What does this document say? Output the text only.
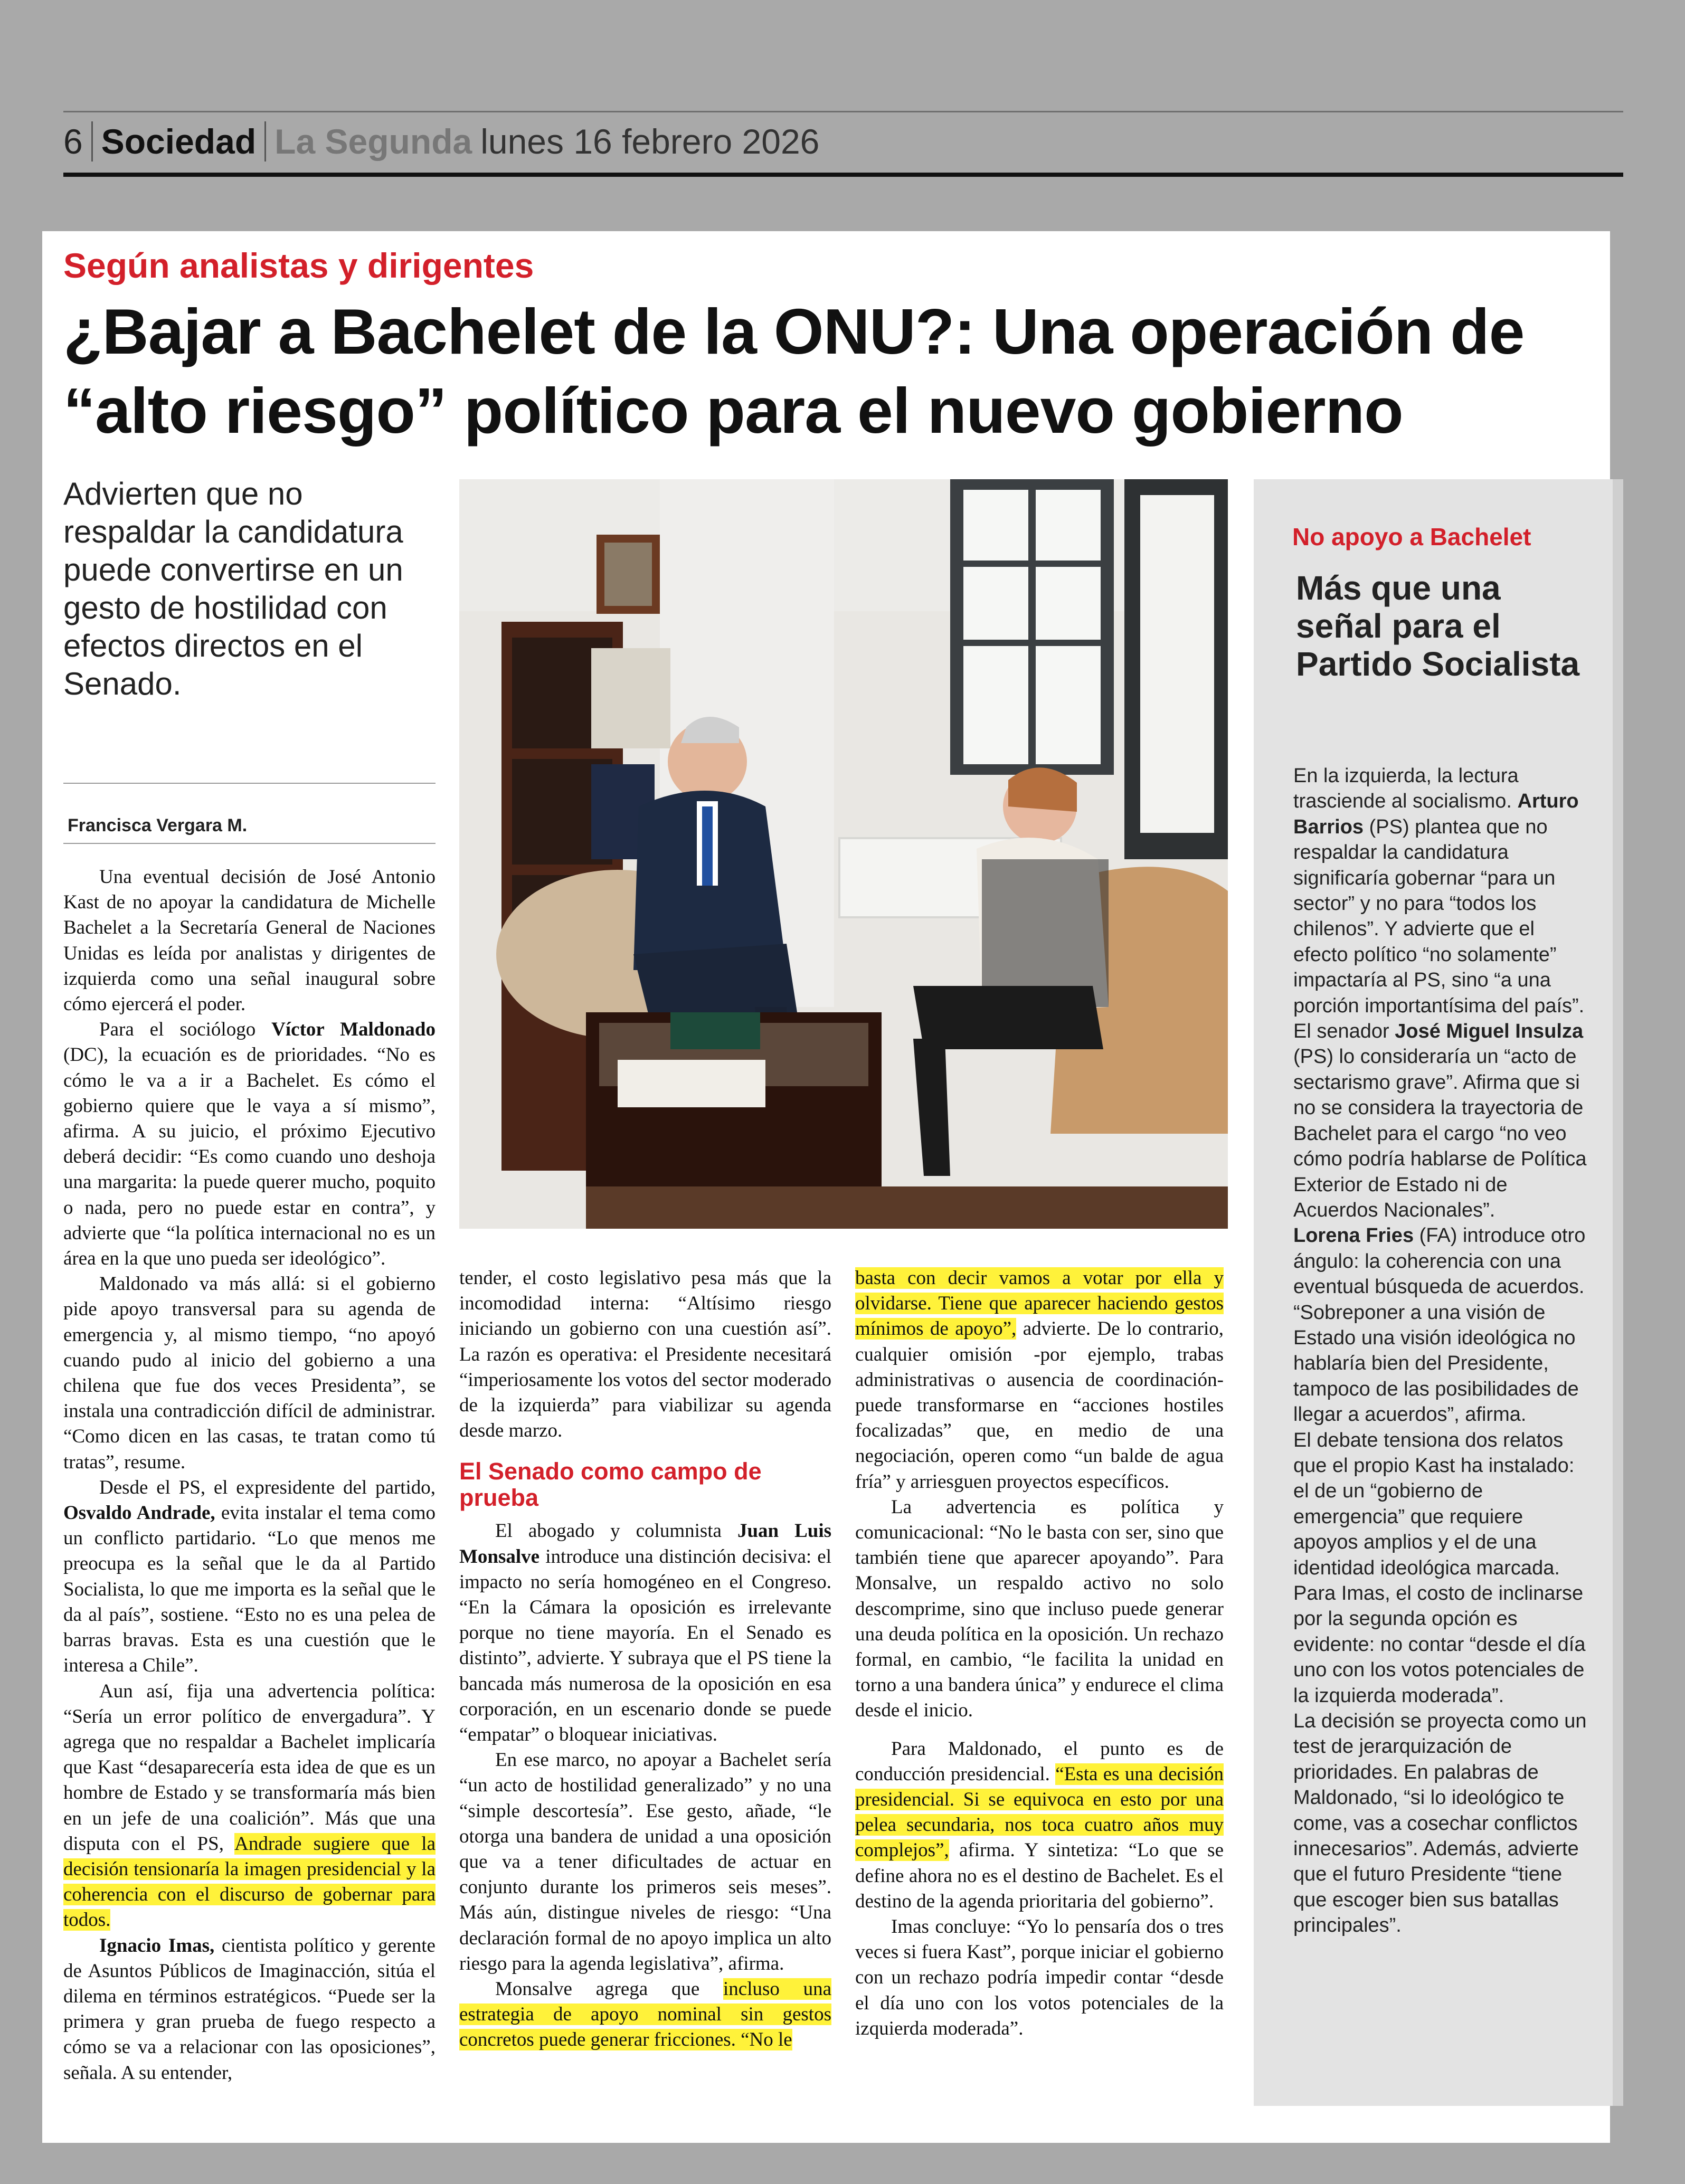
6 Sociedad La Segunda lunes 16 febrero 2026
Según analistas y dirigentes
¿Bajar a Bachelet de la ONU?: Una operación de “alto riesgo” político para el nuevo gobierno
Advierten que no respaldar la candidatura puede convertirse en un gesto de hostilidad con efectos directos en el Senado.
Francisca Vergara M.

Una eventual decisión de José Antonio Kast de no apoyar la candidatura de Michelle Bachelet a la Secretaría General de Naciones Unidas es leída por analistas y dirigentes de izquierda como una señal inaugural sobre cómo ejercerá el poder.

Para el sociólogo Víctor Maldonado (DC), la ecuación es de prioridades. “No es cómo le va a ir a Bachelet. Es cómo el gobierno quiere que le vaya a sí mismo”, afirma. A su juicio, el próximo Ejecutivo deberá decidir: “Es como cuando uno deshoja una margarita: la puede querer mucho, poquito o nada, pero no puede estar en contra”, y advierte que “la política internacional no es un área en la que uno pueda ser ideológico”.

Maldonado va más allá: si el gobierno pide apoyo transversal para su agenda de emergencia y, al mismo tiempo, “no apoyó cuando pudo al inicio del gobierno a una chilena que fue dos veces Presidenta”, se instala una contradicción difícil de administrar. “Como dicen en las casas, te tratan como tú tratas”, resume.

Desde el PS, el expresidente del partido, Osvaldo Andrade, evita instalar el tema como un conflicto partidario. “Lo que menos me preocupa es la señal que le da al Partido Socialista, lo que me importa es la señal que le da al país”, sostiene. “Esto no es una pelea de barras bravas. Esta es una cuestión que le interesa a Chile”.

Aun así, fija una advertencia política: “Sería un error político de envergadura”. Y agrega que no respaldar a Bachelet implicaría que Kast “desaparecería esta idea de que es un hombre de Estado y se transformaría más bien en un jefe de una coalición”. Más que una disputa con el PS, Andrade sugiere que la decisión tensionaría la imagen presidencial y la coherencia con el discurso de gobernar para todos.

Ignacio Imas, cientista político y gerente de Asuntos Públicos de Imaginacción, sitúa el dilema en términos estratégicos. “Puede ser la primera y gran prueba de fuego respecto a cómo se va a relacionar con las oposiciones”, señala. A su entender,

tender, el costo legislativo pesa más que la incomodidad interna: “Altísimo riesgo iniciando un gobierno con una cuestión así”. La razón es operativa: el Presidente necesitará “imperiosamente los votos del sector moderado de la izquierda” para viabilizar su agenda desde marzo.

El Senado como campo de prueba

El abogado y columnista Juan Luis Monsalve introduce una distinción decisiva: el impacto no sería homogéneo en el Congreso. “En la Cámara la oposición es irrelevante porque no tiene mayoría. En el Senado es distinto”, advierte. Y subraya que el PS tiene la bancada más numerosa de la oposición en esa corporación, en un escenario donde se puede “empatar” o bloquear iniciativas.

En ese marco, no apoyar a Bachelet sería “un acto de hostilidad generalizado” y no una “simple descortesía”. Ese gesto, añade, “le otorga una bandera de unidad a una oposición que va a tener dificultades de actuar en conjunto durante los primeros seis meses”. Más aún, distingue niveles de riesgo: “Una declaración formal de no apoyo implica un alto riesgo para la agenda legislativa”, afirma.

Monsalve agrega que incluso una estrategia de apoyo nominal sin gestos concretos puede generar fricciones. “No le

basta con decir vamos a votar por ella y olvidarse. Tiene que aparecer haciendo gestos mínimos de apoyo”, advierte. De lo contrario, cualquier omisión -por ejemplo, trabas administrativas o ausencia de coordinación- puede transformarse en “acciones hostiles focalizadas” que, en medio de una negociación, operen como “un balde de agua fría” y arriesguen proyectos específicos.

La advertencia es política y comunicacional: “No le basta con ser, sino que también tiene que aparecer apoyando”. Para Monsalve, un respaldo activo no solo descomprime, sino que incluso puede generar una deuda política en la oposición. Un rechazo formal, en cambio, “le facilita la unidad en torno a una bandera única” y endurece el clima desde el inicio.

Para Maldonado, el punto es de conducción presidencial. “Esta es una decisión presidencial. Si se equivoca en esto por una pelea secundaria, nos toca cuatro años muy complejos”, afirma. Y sintetiza: “Lo que se define ahora no es el destino de Bachelet. Es el destino de la agenda prioritaria del gobierno”.

Imas concluye: “Yo lo pensaría dos o tres veces si fuera Kast”, porque iniciar el gobierno con un rechazo podría impedir contar “desde el día uno con los votos potenciales de la izquierda moderada”.

No apoyo a Bachelet
Más que una señal para el Partido Socialista

En la izquierda, la lectura trasciende al socialismo. Arturo Barrios (PS) plantea que no respaldar la candidatura significaría gobernar “para un sector” y no para “todos los chilenos”. Y advierte que el efecto político “no solamente” impactaría al PS, sino “a una porción importantísima del país”.

El senador José Miguel Insulza (PS) lo consideraría un “acto de sectarismo grave”. Afirma que si no se considera la trayectoria de Bachelet para el cargo “no veo cómo podría hablarse de Política Exterior de Estado ni de Acuerdos Nacionales”.

Lorena Fries (FA) introduce otro ángulo: la coherencia con una eventual búsqueda de acuerdos. “Sobreponer a una visión de Estado una visión ideológica no hablaría bien del Presidente, tampoco de las posibilidades de llegar a acuerdos”, afirma.

El debate tensiona dos relatos que el propio Kast ha instalado: el de un “gobierno de emergencia” que requiere apoyos amplios y el de una identidad ideológica marcada. Para Imas, el costo de inclinarse por la segunda opción es evidente: no contar “desde el día uno con los votos potenciales de la izquierda moderada”.

La decisión se proyecta como un test de jerarquización de prioridades. En palabras de Maldonado, “si lo ideológico te come, vas a cosechar conflictos innecesarios”. Además, advierte que el futuro Presidente “tiene que escoger bien sus batallas principales”.
